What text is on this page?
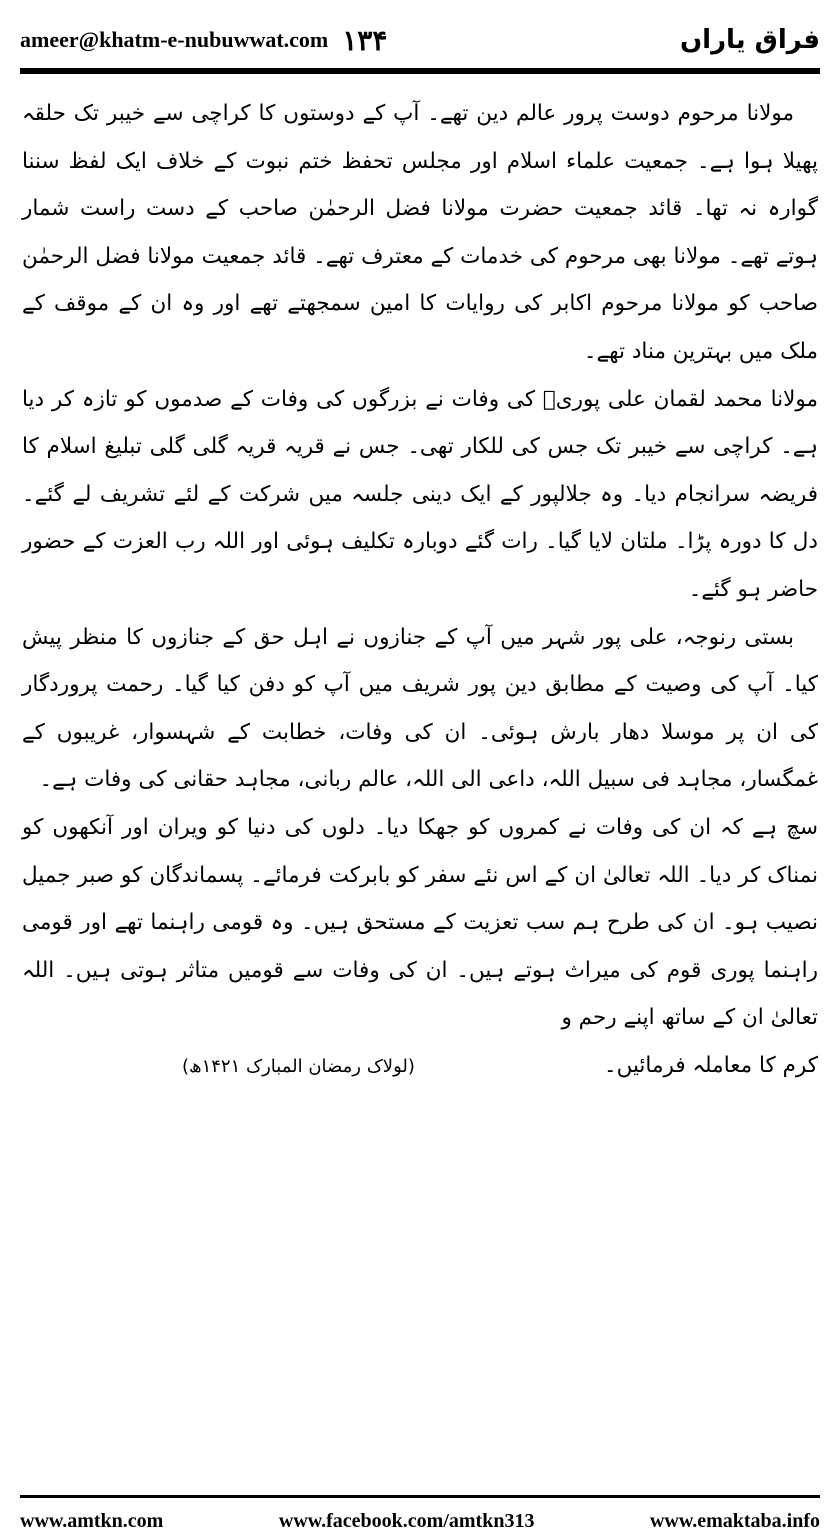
ameer@khatm-e-nubuwwat.com ۱۳۴	فراق یاراں

مولانا مرحوم دوست پرور عالم دین تھے۔ آپ کے دوستوں کا کراچی سے خیبر تک حلقہ پھیلا ہوا ہے۔ جمعیت علماء اسلام اور مجلس تحفظ ختم نبوت کے خلاف ایک لفظ سننا گوارہ نہ تھا۔ قائد جمعیت حضرت مولانا فضل الرحمٰن صاحب کے دست راست شمار ہوتے تھے۔ مولانا بھی مرحوم کی خدمات کے معترف تھے۔ قائد جمعیت مولانا فضل الرحمٰن صاحب کو مولانا مرحوم اکابر کی روایات کا امین سمجھتے تھے اور وہ ان کے موقف کے ملک میں بہترین مناد تھے۔

مولانا محمد لقمان علی پوریؒ کی وفات نے بزرگوں کی وفات کے صدموں کو تازہ کر دیا ہے۔ کراچی سے خیبر تک جس کی للکار تھی۔ جس نے قریہ قریہ گلی گلی تبلیغ اسلام کا فریضہ سرانجام دیا۔ وہ جلالپور کے ایک دینی جلسہ میں شرکت کے لئے تشریف لے گئے۔ دل کا دورہ پڑا۔ ملتان لایا گیا۔ رات گئے دوبارہ تکلیف ہوئی اور اللہ رب العزت کے حضور حاضر ہو گئے۔

بستی رنوجہ، علی پور شہر میں آپ کے جنازوں نے اہل حق کے جنازوں کا منظر پیش کیا۔ آپ کی وصیت کے مطابق دین پور شریف میں آپ کو دفن کیا گیا۔ رحمت پروردگار کی ان پر موسلا دھار بارش ہوئی۔ ان کی وفات، خطابت کے شہسوار، غریبوں کے غمگسار، مجاہد فی سبیل اللہ، داعی الی اللہ، عالم ربانی، مجاہد حقانی کی وفات ہے۔

سچ ہے کہ ان کی وفات نے کمروں کو جھکا دیا۔ دلوں کی دنیا کو ویران اور آنکھوں کو نمناک کر دیا۔ اللہ تعالیٰ ان کے اس نئے سفر کو بابرکت فرمائے۔ پسماندگان کو صبر جمیل نصیب ہو۔ ان کی طرح ہم سب تعزیت کے مستحق ہیں۔ وہ قومی راہنما تھے اور قومی راہنما پوری قوم کی میراث ہوتے ہیں۔ ان کی وفات سے قومیں متاثر ہوتی ہیں۔ اللہ تعالیٰ ان کے ساتھ اپنے رحم و

کرم کا معاملہ فرمائیں۔
(لولاک رمضان المبارک ۱۴۲۱ھ)
www.amtkn.com	www.facebook.com/amtkn313	www.emaktaba.info
